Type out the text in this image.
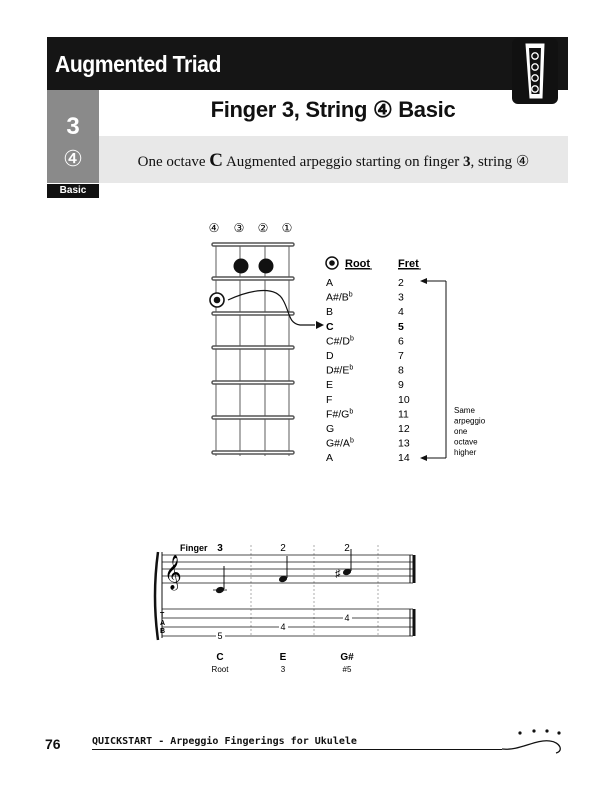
Augmented Triad
3
④
Basic
Finger 3, String ④ Basic
One octave C Augmented arpeggio starting on finger 3, string ④
④ ③ ② ①
Root	Fret
A	2
$A\#/B^b$	3
B	4
C	5
$C\#/D^b$	6
D	7
$D\#/E^b$	8
E	9
F	10
$F\#/G^b$	11
G	12
$G\#/A^b$	13
A	14
Same
arpeggio
one
octave
higher
Finger 3	2	2
𝄞	♯
T
A
B	5
4
4
C	E	G#
Root	3	#5
76	QUICKSTART - Arpeggio Fingerings for Ukulele
